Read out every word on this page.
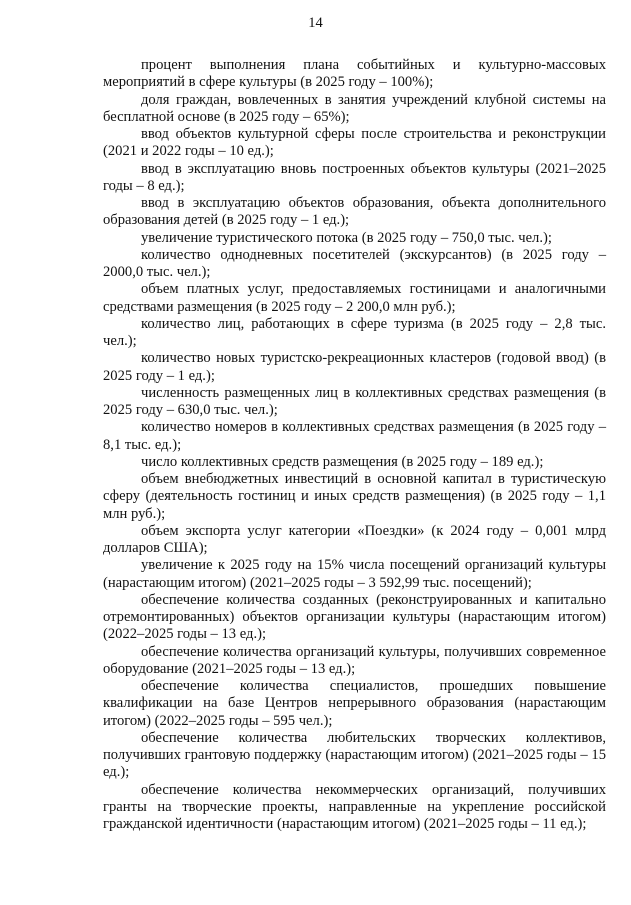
14

процент выполнения плана событийных и культурно-массовых мероприятий в сфере культуры (в 2025 году – 100%);

доля граждан, вовлеченных в занятия учреждений клубной системы на бесплатной основе (в 2025 году – 65%);

ввод объектов культурной сферы после строительства и реконструкции (2021 и 2022 годы – 10 ед.);

ввод в эксплуатацию вновь построенных объектов культуры (2021–2025 годы – 8 ед.);

ввод в эксплуатацию объектов образования, объекта дополнительного образования детей (в 2025 году – 1 ед.);

увеличение туристического потока (в 2025 году – 750,0 тыс. чел.);

количество однодневных посетителей (экскурсантов) (в 2025 году – 2000,0 тыс. чел.);

объем платных услуг, предоставляемых гостиницами и аналогичными средствами размещения (в 2025 году – 2 200,0 млн руб.);

количество лиц, работающих в сфере туризма (в 2025 году – 2,8 тыс. чел.);

количество новых туристско-рекреационных кластеров (годовой ввод) (в 2025 году – 1 ед.);

численность размещенных лиц в коллективных средствах размещения (в 2025 году – 630,0 тыс. чел.);

количество номеров в коллективных средствах размещения (в 2025 году – 8,1 тыс. ед.);

число коллективных средств размещения (в 2025 году – 189 ед.);

объем внебюджетных инвестиций в основной капитал в туристическую сферу (деятельность гостиниц и иных средств размещения) (в 2025 году – 1,1 млн руб.);

объем экспорта услуг категории «Поездки» (к 2024 году – 0,001 млрд долларов США);

увеличение к 2025 году на 15% числа посещений организаций культуры (нарастающим итогом) (2021–2025 годы – 3 592,99 тыс. посещений);

обеспечение количества созданных (реконструированных и капитально отремонтированных) объектов организации культуры (нарастающим итогом) (2022–2025 годы – 13 ед.);

обеспечение количества организаций культуры, получивших современное оборудование (2021–2025 годы – 13 ед.);

обеспечение количества специалистов, прошедших повышение квалификации на базе Центров непрерывного образования (нарастающим итогом) (2022–2025 годы – 595 чел.);

обеспечение количества любительских творческих коллективов, получивших грантовую поддержку (нарастающим итогом) (2021–2025 годы – 15 ед.);

обеспечение количества некоммерческих организаций, получивших гранты на творческие проекты, направленные на укрепление российской гражданской идентичности (нарастающим итогом) (2021–2025 годы – 11 ед.);
